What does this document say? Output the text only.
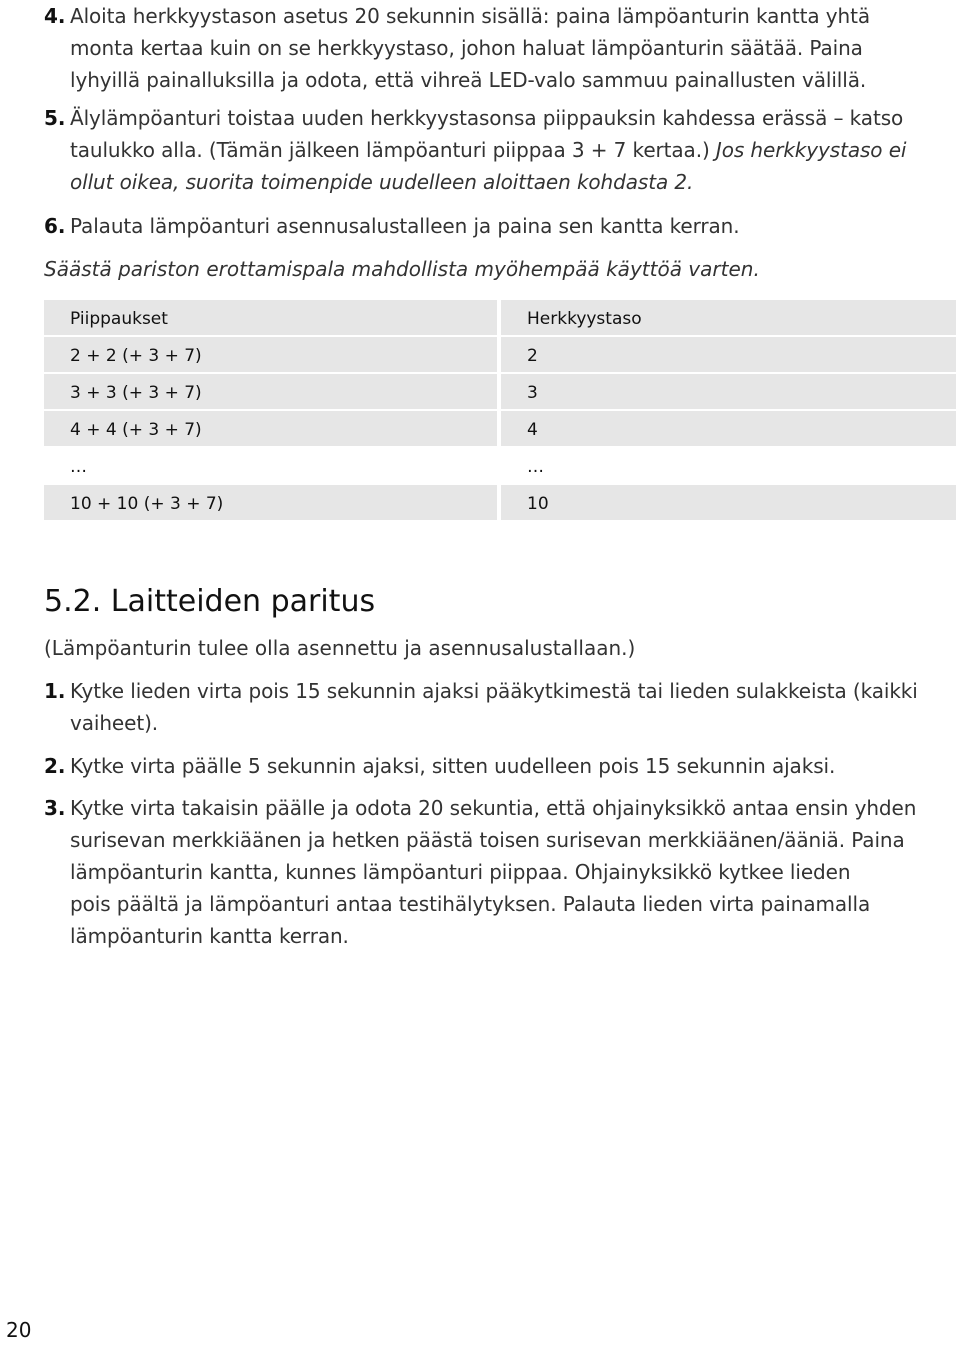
4. Aloita herkkyystason asetus 20 sekunnin sisällä: paina lämpöanturin kantta yhtä
monta kertaa kuin on se herkkyystaso, johon haluat lämpöanturin säätää. Paina
lyhyillä painalluksilla ja odota, että vihreä LED-valo sammuu painallusten välillä.
5. Älylämpöanturi toistaa uuden herkkyystasonsa piippauksin kahdessa erässä – katso
taulukko alla. (Tämän jälkeen lämpöanturi piippaa 3 + 7 kertaa.) Jos herkkyystaso ei
ollut oikea, suorita toimenpide uudelleen aloittaen kohdasta 2.
6. Palauta lämpöanturi asennusalustalleen ja paina sen kantta kerran.
Säästä pariston erottamispala mahdollista myöhempää käyttöä varten.
Piippaukset	Herkkyystaso
2 + 2 (+ 3 + 7)	2
3 + 3 (+ 3 + 7)	3
4 + 4 (+ 3 + 7)	4
…	…
10 + 10 (+ 3 + 7)	10
5.2. Laitteiden paritus
(Lämpöanturin tulee olla asennettu ja asennusalustallaan.)
1. Kytke lieden virta pois 15 sekunnin ajaksi pääkytkimestä tai lieden sulakkeista (kaikki
vaiheet).
2. Kytke virta päälle 5 sekunnin ajaksi, sitten uudelleen pois 15 sekunnin ajaksi.
3. Kytke virta takaisin päälle ja odota 20 sekuntia, että ohjainyksikkö antaa ensin yhden
surisevan merkkiäänen ja hetken päästä toisen surisevan merkkiäänen/ääniä. Paina
lämpöanturin kantta, kunnes lämpöanturi piippaa. Ohjainyksikkö kytkee lieden
pois päältä ja lämpöanturi antaa testihälytyksen. Palauta lieden virta painamalla
lämpöanturin kantta kerran.
20
